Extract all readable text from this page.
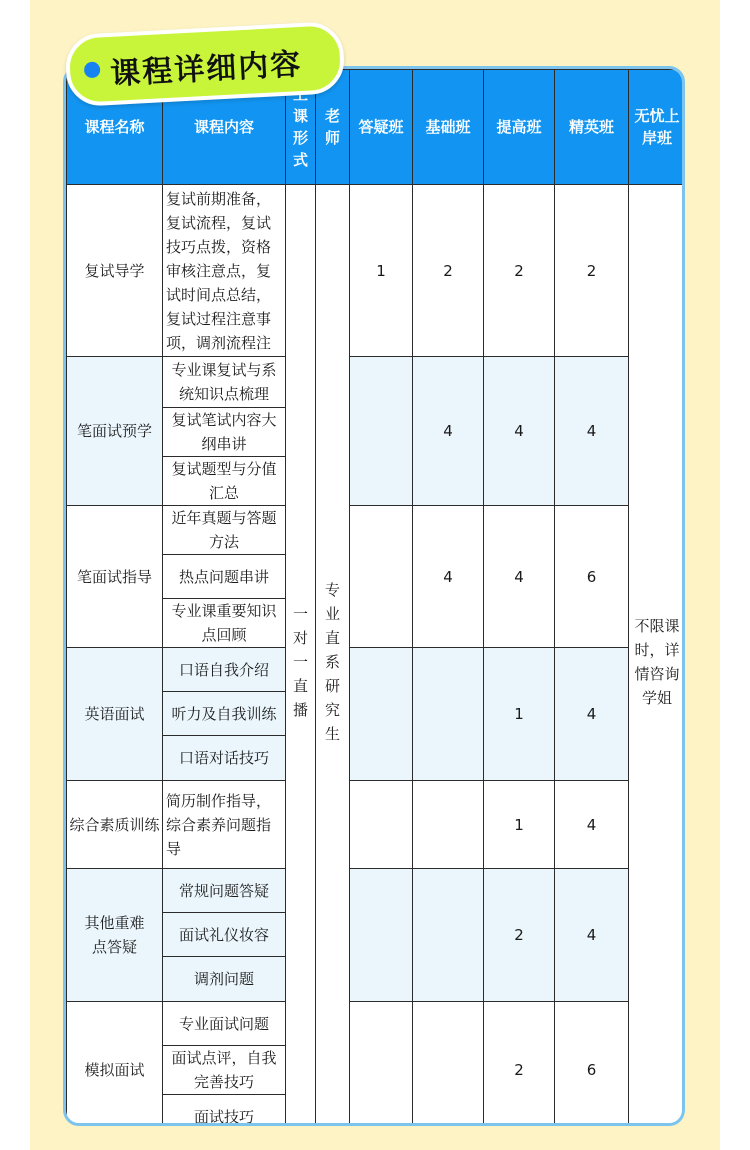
课程名称	课程内容	课形式	老师	答疑班	基础班	提高班	精英班	无忧上岸班
复试导学	复试前期准备，复试流程，复试技巧点拨，资格审核注意点，复试时间点总结，复试过程注意事项，调剂流程注	一对一直播	专业直系研究生	1	2	2	2	不限课时，详情咨询学姐
笔面试预学	专业课复试与系统知识点梳理				4	4	4	
	复试笔试内容大纲串讲							
	复试题型与分值汇总							
笔面试指导	近年真题与答题方法				4	4	6	
	热点问题串讲							
	专业课重要知识点回顾							
英语面试	口语自我介绍					1	4	
	听力及自我训练							
	口语对话技巧							
综合素质训练	简历制作指导，综合素养问题指导					1	4	
其他重难点答疑	常规问题答疑					2	4	
	面试礼仪妆容							
	调剂问题							
模拟面试	专业面试问题					2	6	
	面试点评，自我完善技巧							
	面试技巧							
课程详细内容
